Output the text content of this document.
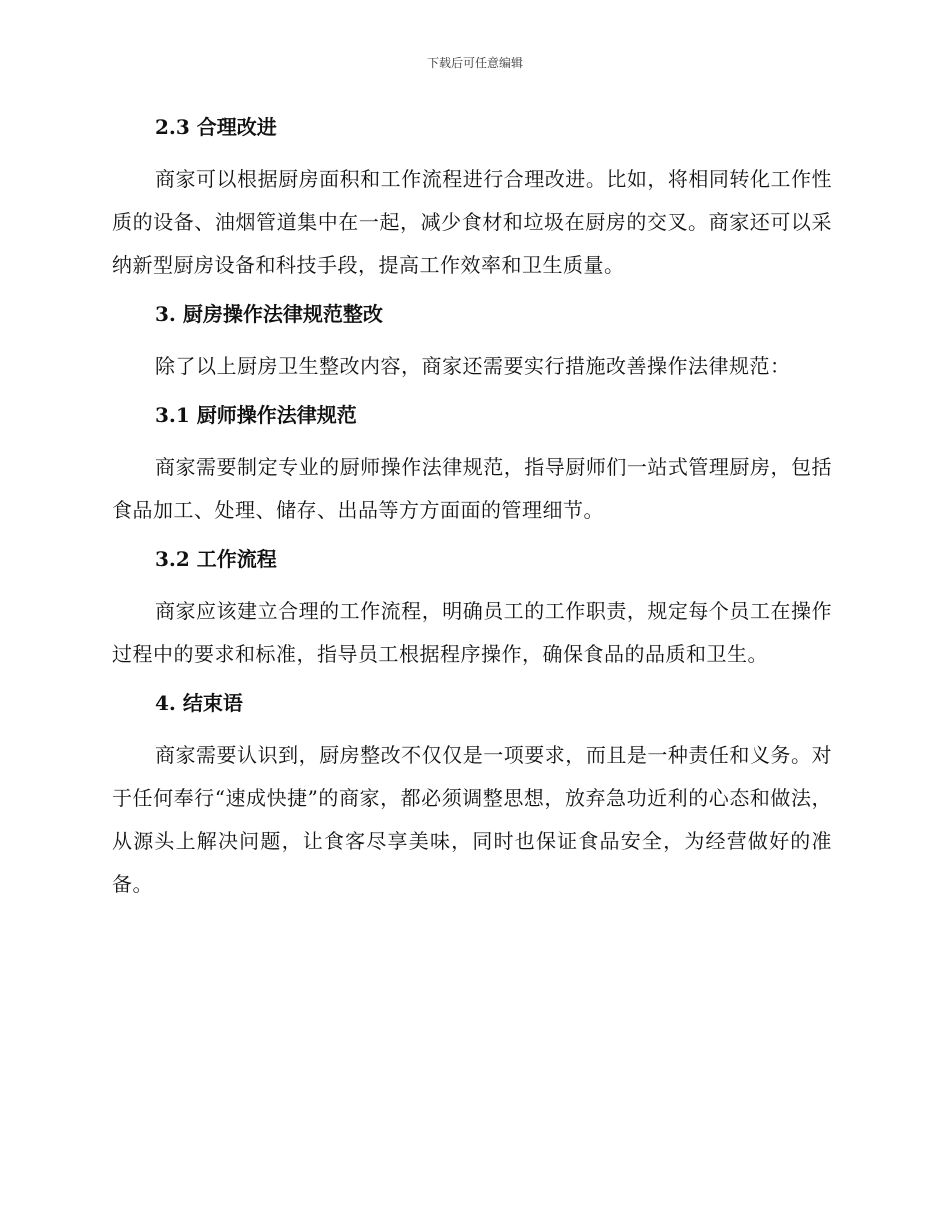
下载后可任意编辑
2.3 合理改进

商家可以根据厨房面积和工作流程进行合理改进。比如，将相同转化工作性质的设备、油烟管道集中在一起，减少食材和垃圾在厨房的交叉。商家还可以采纳新型厨房设备和科技手段，提高工作效率和卫生质量。

3. 厨房操作法律规范整改

除了以上厨房卫生整改内容，商家还需要实行措施改善操作法律规范：

3.1 厨师操作法律规范

商家需要制定专业的厨师操作法律规范，指导厨师们一站式管理厨房，包括食品加工、处理、储存、出品等方方面面的管理细节。

3.2 工作流程

商家应该建立合理的工作流程，明确员工的工作职责，规定每个员工在操作过程中的要求和标准，指导员工根据程序操作，确保食品的品质和卫生。

4. 结束语

商家需要认识到，厨房整改不仅仅是一项要求，而且是一种责任和义务。对于任何奉行“速成快捷”的商家，都必须调整思想，放弃急功近利的心态和做法，从源头上解决问题，让食客尽享美味，同时也保证食品安全，为经营做好的准备。
